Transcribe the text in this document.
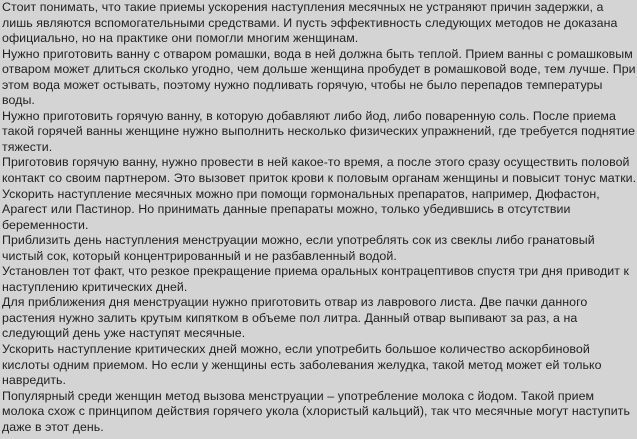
Стоит понимать, что такие приемы ускорения наступления месячных не устраняют причин задержки, а лишь являются вспомогательными средствами. И пусть эффективность следующих методов не доказана официально, но на практике они помогли многим женщинам.

Нужно приготовить ванну с отваром ромашки, вода в ней должна быть теплой. Прием ванны с ромашковым отваром может длиться сколько угодно, чем дольше женщина пробудет в ромашковой воде, тем лучше. При этом вода может остывать, поэтому нужно подливать горячую, чтобы не было перепадов температуры воды.

Нужно приготовить горячую ванну, в которую добавляют либо йод, либо поваренную соль. После приема такой горячей ванны женщине нужно выполнить несколько физических упражнений, где требуется поднятие тяжести.

Приготовив горячую ванну, нужно провести в ней какое-то время, а после этого сразу осуществить половой контакт со своим партнером. Это вызовет приток крови к половым органам женщины и повысит тонус матки.

Ускорить наступление месячных можно при помощи гормональных препаратов, например, Дюфастон, Арагест или Пастинор. Но принимать данные препараты можно, только убедившись в отсутствии беременности.

Приблизить день наступления менструации можно, если употреблять сок из свеклы либо гранатовый чистый сок, который концентрированный и не разбавленный водой.

Установлен тот факт, что резкое прекращение приема оральных контрацептивов спустя три дня приводит к наступлению критических дней.

Для приближения дня менструации нужно приготовить отвар из лаврового листа. Две пачки данного растения нужно залить крутым кипятком в объеме пол литра. Данный отвар выпивают за раз, а на следующий день уже наступят месячные.

Ускорить наступление критических дней можно, если употребить большое количество аскорбиновой кислоты одним приемом. Но если у женщины есть заболевания желудка, такой метод может ей только навредить.

Популярный среди женщин метод вызова менструации – употребление молока с йодом. Такой прием молока схож с принципом действия горячего укола (хлористый кальций), так что месячные могут наступить даже в этот день.
